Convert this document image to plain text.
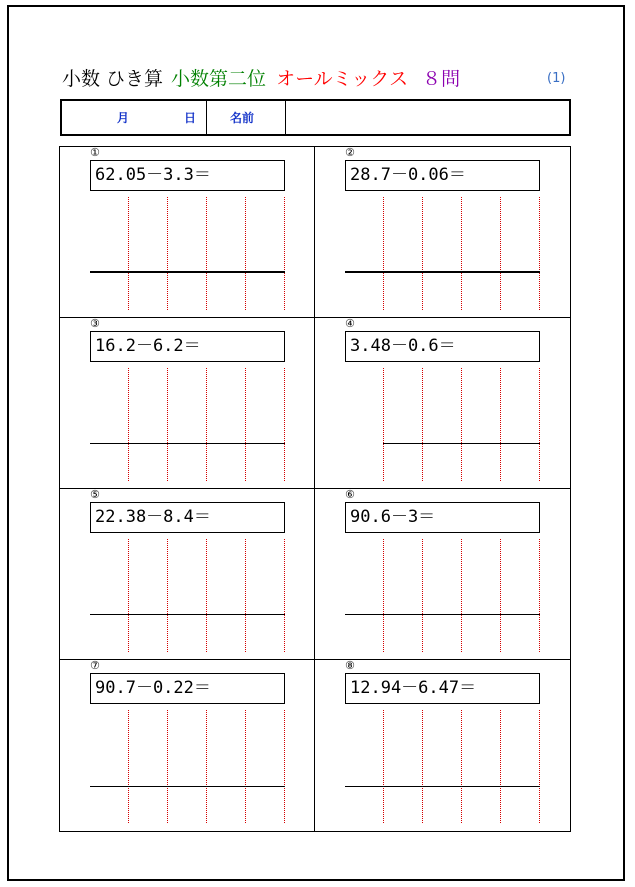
小数 ひき算 小数第二位 オールミックス ８問	(1)
月	日	名前
①
62.05－3.3＝
②
28.7－0.06＝
③
16.2－6.2＝
④
3.48－0.6＝
⑤
22.38－8.4＝
⑥
90.6－3＝
⑦
90.7－0.22＝
⑧
12.94－6.47＝
